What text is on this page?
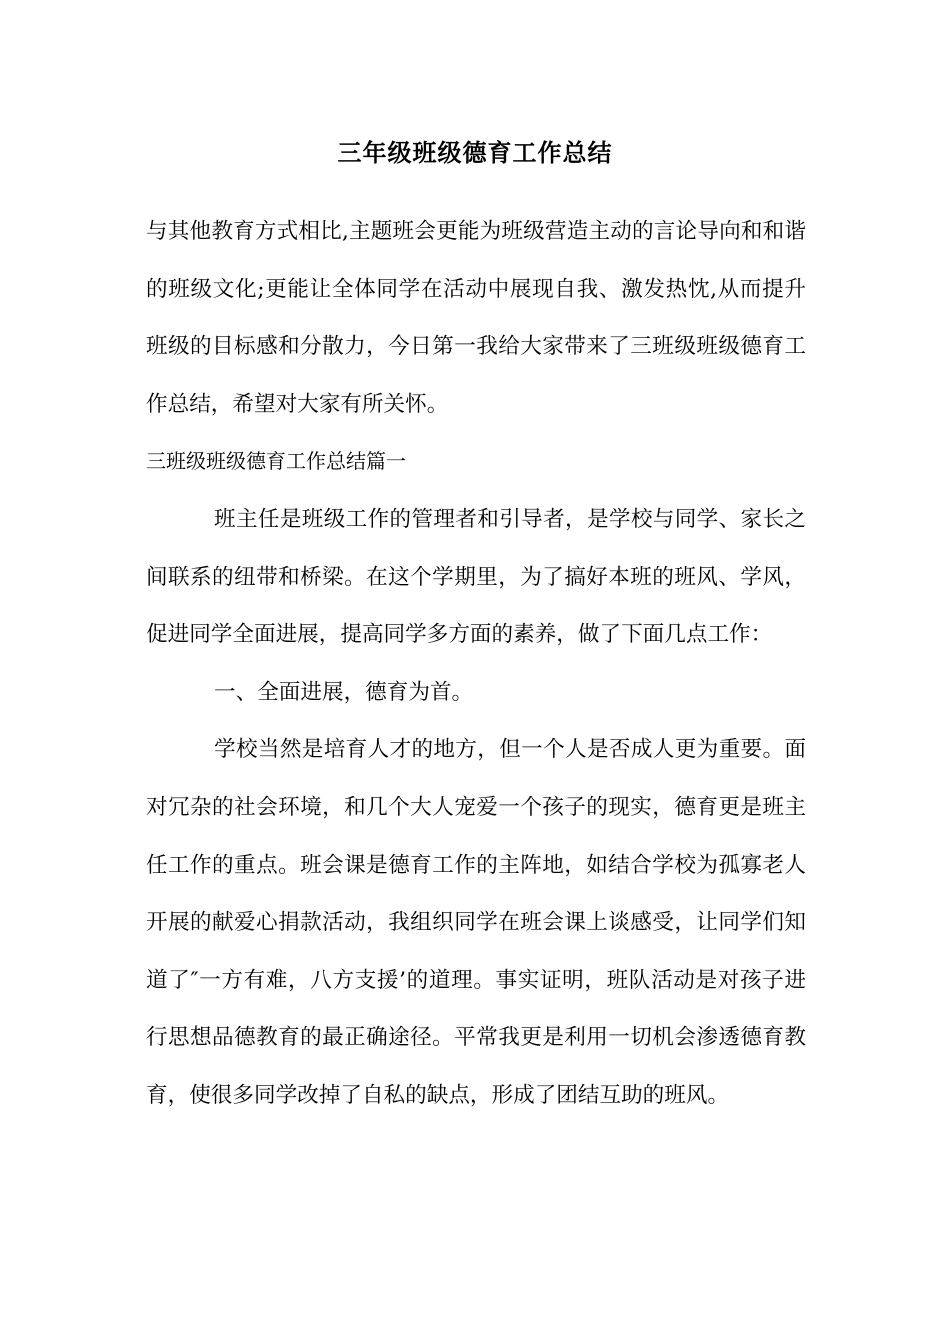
三年级班级德育工作总结

与其他教育方式相比,主题班会更能为班级营造主动的言论导向和和谐的班级文化;更能让全体同学在活动中展现自我、激发热忱,从而提升班级的目标感和分散力，今日第一我给大家带来了三班级班级德育工作总结，希望对大家有所关怀。

三班级班级德育工作总结篇一

班主任是班级工作的管理者和引导者，是学校与同学、家长之间联系的纽带和桥梁。在这个学期里，为了搞好本班的班风、学风，促进同学全面进展，提高同学多方面的素养，做了下面几点工作：

一、全面进展，德育为首。

学校当然是培育人才的地方，但一个人是否成人更为重要。面对冗杂的社会环境，和几个大人宠爱一个孩子的现实，德育更是班主任工作的重点。班会课是德育工作的主阵地，如结合学校为孤寡老人开展的献爱心捐款活动，我组织同学在班会课上谈感受，让同学们知道了″一方有难，八方支援’的道理。事实证明，班队活动是对孩子进行思想品德教育的最正确途径。平常我更是利用一切机会渗透德育教育，使很多同学改掉了自私的缺点，形成了团结互助的班风。
